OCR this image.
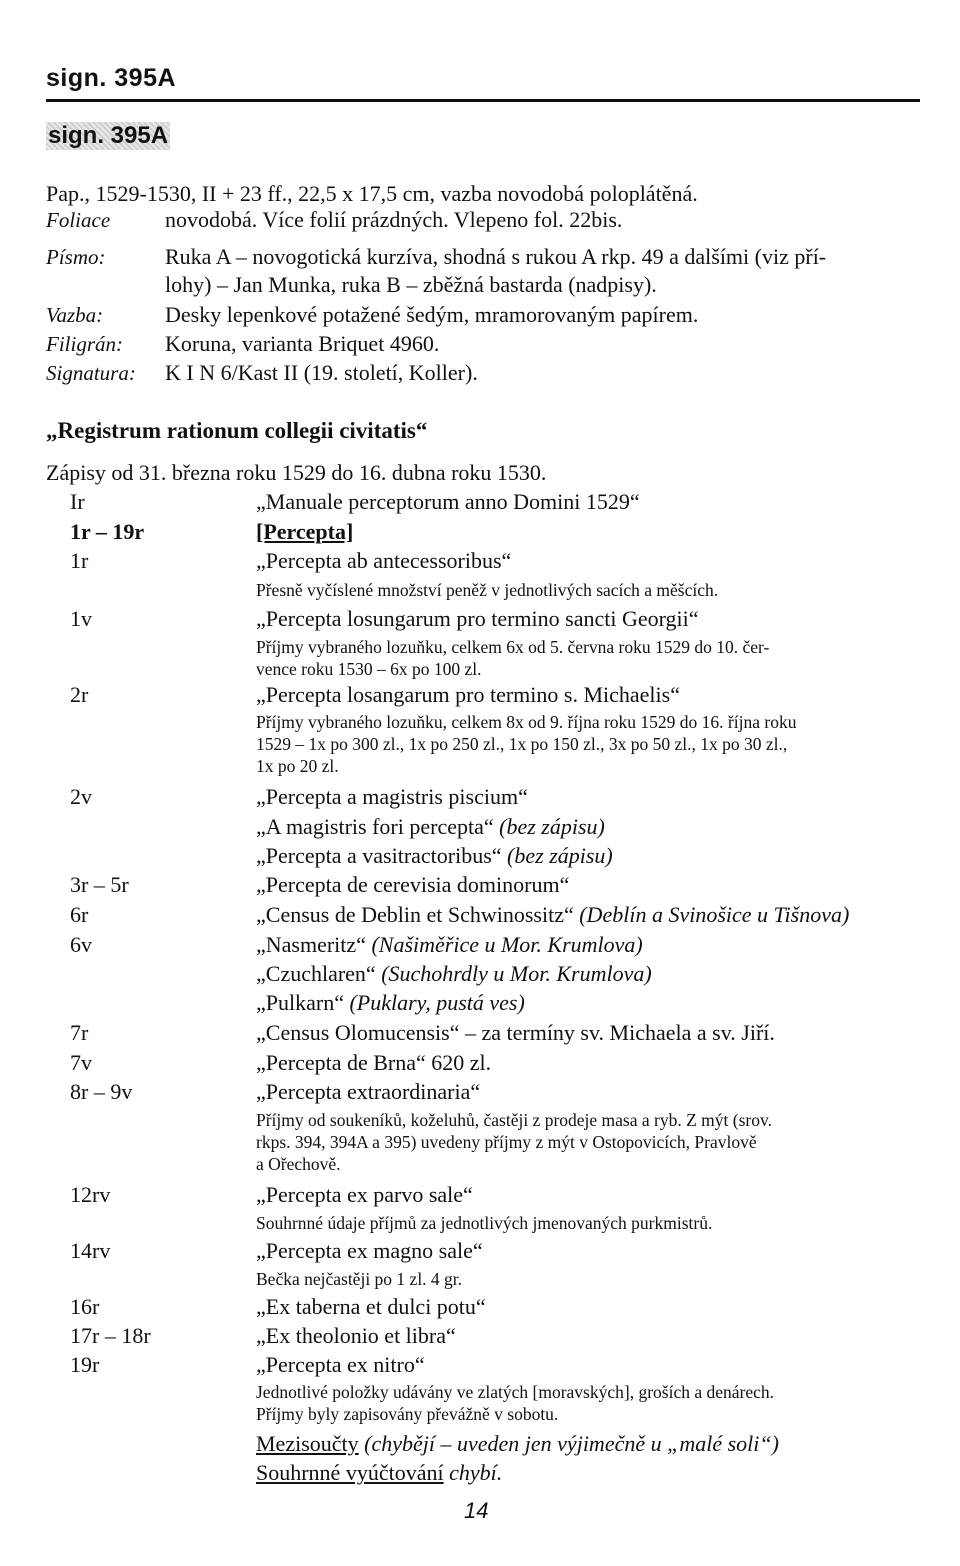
sign. 395A
sign. 395A
Pap., 1529-1530, II + 23 ff., 22,5 x 17,5 cm, vazba novodobá poloplátěná.
Foliace novodobá. Více folií prázdných. Vlepeno fol. 22bis.
Písmo:	Ruka A – novogotická kurzíva, shodná s rukou A rkp. 49 a dalšími (viz pří-
lohy) – Jan Munka, ruka B – zběžná bastarda (nadpisy).
Vazba:	Desky lepenkové potažené šedým, mramorovaným papírem.
Filigrán: Koruna, varianta Briquet 4960.
Signatura: K I N 6/Kast II (19. století, Koller).
„Registrum rationum collegii civitatis“
Zápisy od 31. března roku 1529 do 16. dubna roku 1530.
Ir	„Manuale perceptorum anno Domini 1529“
1r – 19r	[Percepta]
1r	„Percepta ab antecessoribus“
Přesně vyčíslené množství peněž v jednotlivých sacích a měšcích.
1v	„Percepta losungarum pro termino sancti Georgii“
Příjmy vybraného lozuňku, celkem 6x od 5. června roku 1529 do 10. čer-
vence roku 1530 – 6x po 100 zl.
2r	„Percepta losangarum pro termino s. Michaelis“
Příjmy vybraného lozuňku, celkem 8x od 9. října roku 1529 do 16. října roku
1529 – 1x po 300 zl., 1x po 250 zl., 1x po 150 zl., 3x po 50 zl., 1x po 30 zl.,
1x po 20 zl.
2v	„Percepta a magistris piscium“
„A magistris fori percepta“ (bez zápisu)
„Percepta a vasitractoribus“ (bez zápisu)
3r – 5r	„Percepta de cerevisia dominorum“
6r	„Census de Deblin et Schwinossitz“ (Deblín a Svinošice u Tišnova)
6v	„Nasmeritz“ (Našiměřice u Mor. Krumlova)
„Czuchlaren“ (Suchohrdly u Mor. Krumlova)
„Pulkarn“ (Puklary, pustá ves)
7r	„Census Olomucensis“ – za termíny sv. Michaela a sv. Jiří.
7v	„Percepta de Brna“ 620 zl.
8r – 9v	„Percepta extraordinaria“
Příjmy od soukeníků, koželuhů, častěji z prodeje masa a ryb. Z mýt (srov.
rkps. 394, 394A a 395) uvedeny příjmy z mýt v Ostopovicích, Pravlově
a Ořechově.
12rv	„Percepta ex parvo sale“
Souhrnné údaje příjmů za jednotlivých jmenovaných purkmistrů.
14rv	„Percepta ex magno sale“
Bečka nejčastěji po 1 zl. 4 gr.
16r	„Ex taberna et dulci potu“
17r – 18r	„Ex theolonio et libra“
19r	„Percepta ex nitro“
Jednotlivé položky udávány ve zlatých [moravských], groších a denárech.
Příjmy byly zapisovány převážně v sobotu.
Mezisoučty (chybějí – uveden jen výjimečně u „malé soli“)
Souhrnné vyúčtování chybí.
14
